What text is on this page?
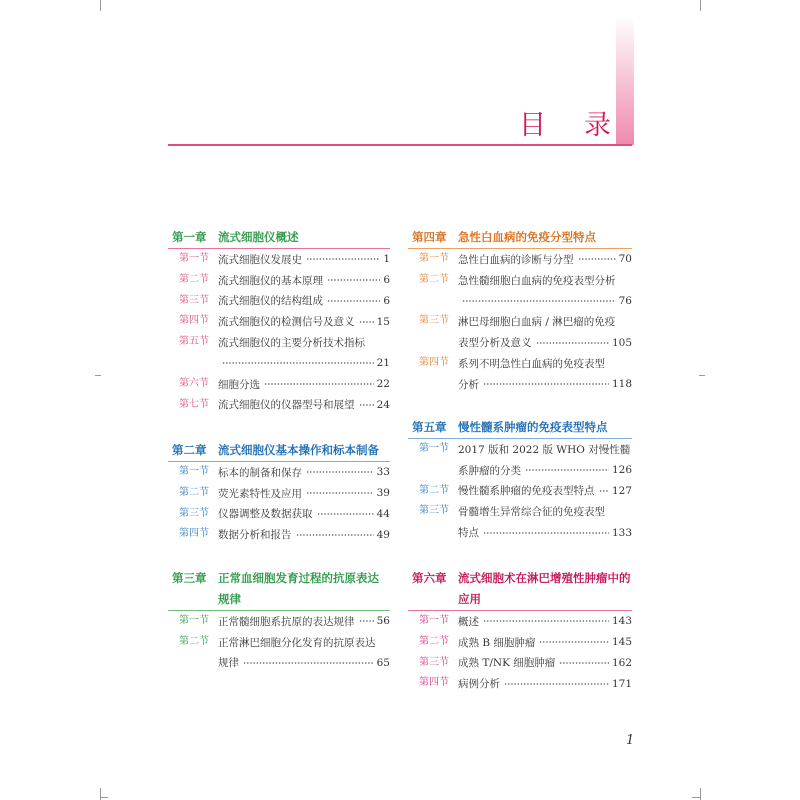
目录
第一章	流式细胞仪概述
第一节 流式细胞仪发展史	1
第二节 流式细胞仪的基本原理	6
第三节 流式细胞仪的结构组成	6
第四节 流式细胞仪的检测信号及意义 15
第五节 流式细胞仪的主要分析技术指标
21
第六节 细胞分选	22
第七节 流式细胞仪的仪器型号和展望 24
第二章	流式细胞仪基本操作和标本制备
第一节 标本的制备和保存	33
第二节 荧光素特性及应用	39
第三节 仪器调整及数据获取	44
第四节 数据分析和报告	49
第三章	正常血细胞发育过程的抗原表达
规律
第一节 正常髓细胞系抗原的表达规律 56
第二节 正常淋巴细胞分化发育的抗原表达
规律	65
第四章	急性白血病的免疫分型特点
第一节 急性白血病的诊断与分型	70
第二节 急性髓细胞白血病的免疫表型分析
76
第三节 淋巴母细胞白血病 / 淋巴瘤的免疫
表型分析及意义	105
第四节 系列不明急性白血病的免疫表型
分析	118
第五章	慢性髓系肿瘤的免疫表型特点
第一节 2017 版和 2022 版 WHO 对慢性髓
系肿瘤的分类	126
第二节 慢性髓系肿瘤的免疫表型特点 127
第三节 骨髓增生异常综合征的免疫表型
特点	133
第六章	流式细胞术在淋巴增殖性肿瘤中的
应用
第一节 概述	143
第二节 成熟 B 细胞肿瘤	145
第三节 成熟 T/NK 细胞肿瘤	162
第四节 病例分析	171
1
